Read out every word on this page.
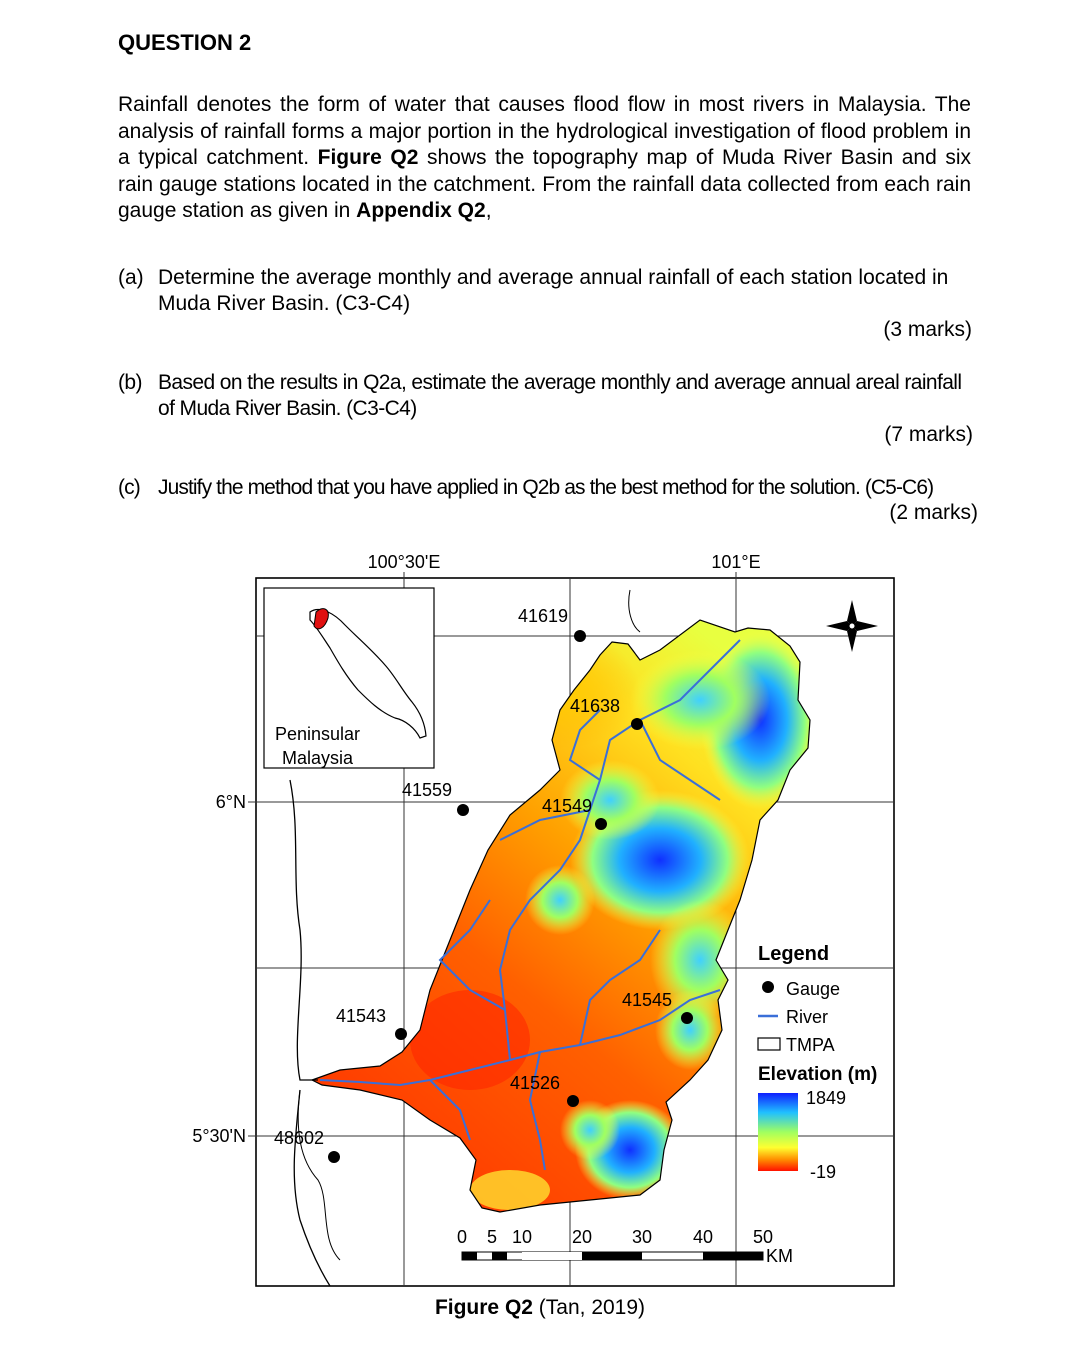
QUESTION 2
Rainfall denotes the form of water that causes flood flow in most rivers in Malaysia. The analysis of rainfall forms a major portion in the hydrological investigation of flood problem in a typical catchment. Figure Q2 shows the topography map of Muda River Basin and six rain gauge stations located in the catchment. From the rainfall data collected from each rain gauge station as given in Appendix Q2,
(a) Determine the average monthly and average annual rainfall of each station located in Muda River Basin. (C3-C4)
(3 marks)
(b) Based on the results in Q2a, estimate the average monthly and average annual areal rainfall of Muda River Basin. (C3-C4)
(7 marks)
(c) Justify the method that you have applied in Q2b as the best method for the solution. (C5-C6)
(2 marks)
Peninsular
Malaysia
100°30'E	101°E
6°N
5°30'N
41619
41638
41559
41549
41545
41543
41526
48602
Legend
Gauge
River
TMPA
Elevation (m)
1849
-19
0 5 10 20 30 40 50
KM
Figure Q2 (Tan, 2019)
